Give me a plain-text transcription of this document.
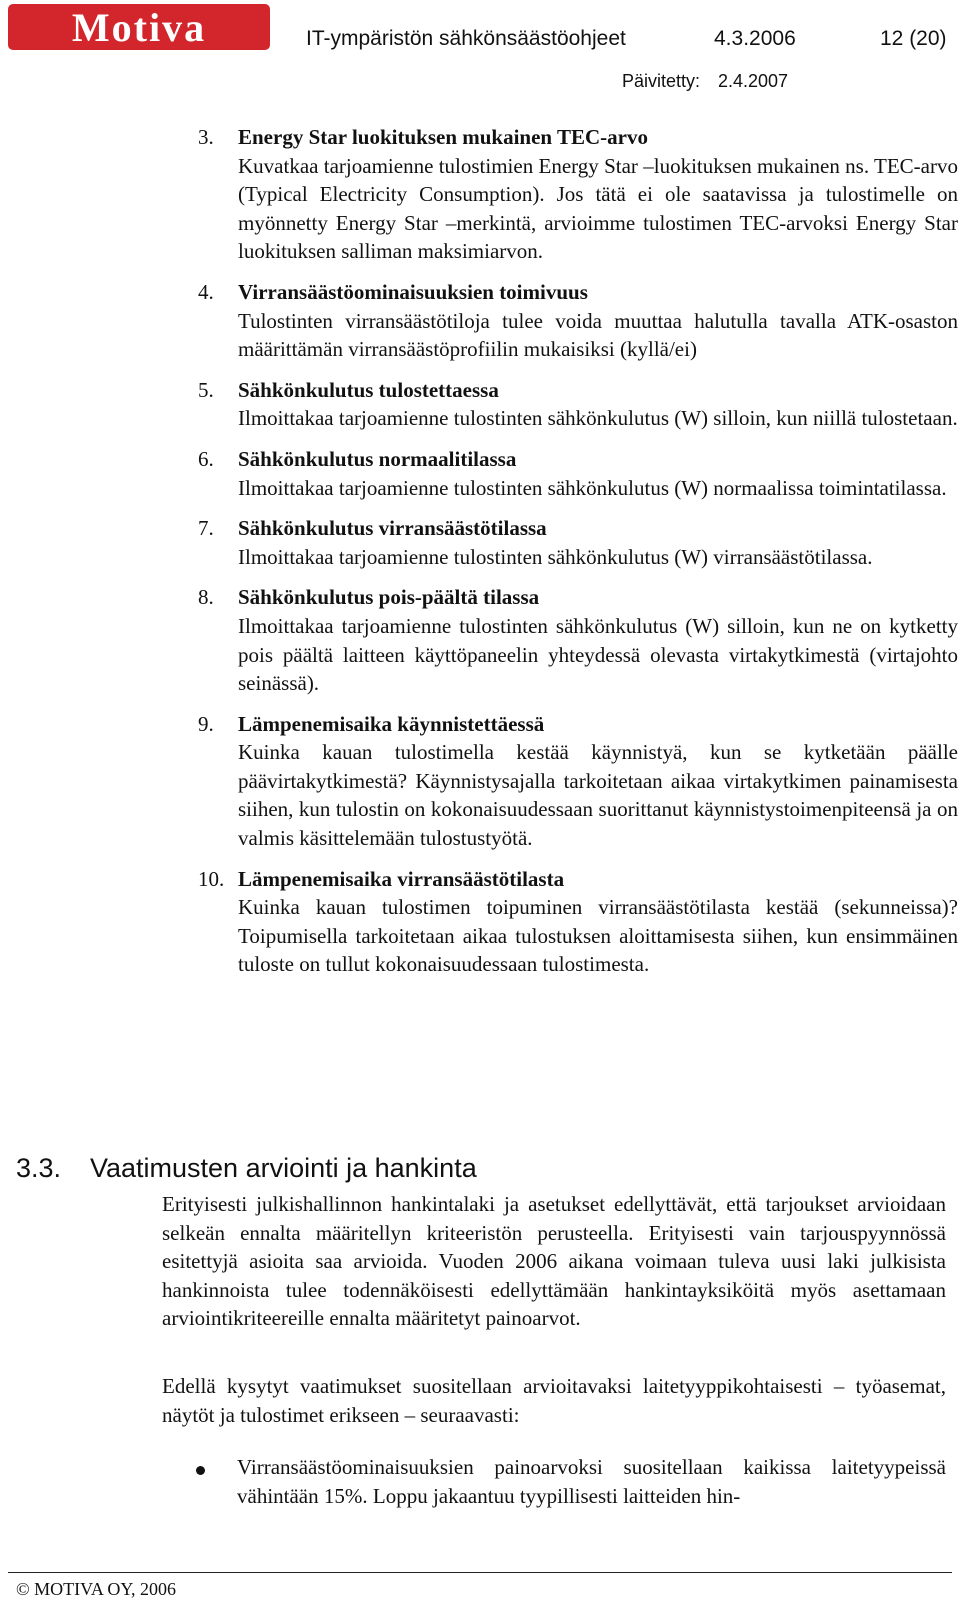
Motiva	IT-ympäristön sähkönsäästöohjeet	4.3.2006	12 (20)
Päivitetty: 2.4.2007
3. Energy Star luokituksen mukainen TEC-arvo
Kuvatkaa tarjoamienne tulostimien Energy Star –luokituksen mukainen ns. TEC-arvo (Typical Electricity Consumption). Jos tätä ei ole saatavissa ja tulostimelle on myönnetty Energy Star –merkintä, arvioimme tulostimen TEC-arvoksi Energy Star luokituksen salliman maksimiarvon.
4. Virransäästöominaisuuksien toimivuus
Tulostinten virransäästötiloja tulee voida muuttaa halutulla tavalla ATK-osaston määrittämän virransäästöprofiilin mukaisiksi (kyllä/ei)
5. Sähkönkulutus tulostettaessa
Ilmoittakaa tarjoamienne tulostinten sähkönkulutus (W) silloin, kun niillä tulostetaan.
6. Sähkönkulutus normaalitilassa
Ilmoittakaa tarjoamienne tulostinten sähkönkulutus (W) normaalissa toimintatilassa.
7. Sähkönkulutus virransäästötilassa
Ilmoittakaa tarjoamienne tulostinten sähkönkulutus (W) virransäästötilassa.
8. Sähkönkulutus pois-päältä tilassa
Ilmoittakaa tarjoamienne tulostinten sähkönkulutus (W) silloin, kun ne on kytketty pois päältä laitteen käyttöpaneelin yhteydessä olevasta virtakytkimestä (virtajohto seinässä).
9. Lämpenemisaika käynnistettäessä
Kuinka kauan tulostimella kestää käynnistyä, kun se kytketään päälle päävirtakytkimestä? Käynnistysajalla tarkoitetaan aikaa virtakytkimen painamisesta siihen, kun tulostin on kokonaisuudessaan suorittanut käynnistystoimenpiteensä ja on valmis käsittelemään tulostustyötä.
10. Lämpenemisaika virransäästötilasta
Kuinka kauan tulostimen toipuminen virransäästötilasta kestää (sekunneissa)? Toipumisella tarkoitetaan aikaa tulostuksen aloittamisesta siihen, kun ensimmäinen tuloste on tullut kokonaisuudessaan tulostimesta.
3.3. Vaatimusten arviointi ja hankinta
Erityisesti julkishallinnon hankintalaki ja asetukset edellyttävät, että tarjoukset arvioidaan selkeän ennalta määritellyn kriteeristön perusteella. Erityisesti vain tarjouspyynnössä esitettyjä asioita saa arvioida. Vuoden 2006 aikana voimaan tuleva uusi laki julkisista hankinnoista tulee todennäköisesti edellyttämään hankintayksiköitä myös asettamaan arviointikriteereille ennalta määritetyt painoarvot.
Edellä kysytyt vaatimukset suositellaan arvioitavaksi laitetyyppikohtaisesti – työasemat, näytöt ja tulostimet erikseen – seuraavasti:
Virransäästöominaisuuksien painoarvoksi suositellaan kaikissa laitetyypeissä vähintään 15%. Loppu jakaantuu tyypillisesti laitteiden hin-
© MOTIVA OY, 2006
